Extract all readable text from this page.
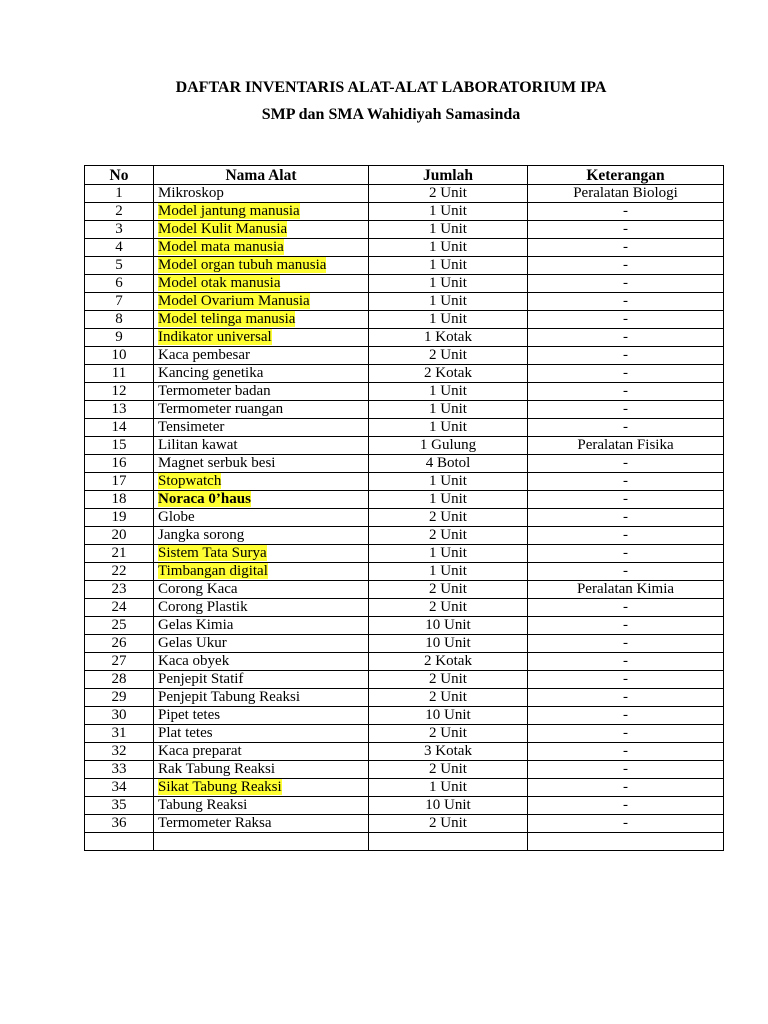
DAFTAR INVENTARIS ALAT-ALAT LABORATORIUM IPA
SMP dan SMA Wahidiyah Samasinda
No	Nama Alat	Jumlah	Keterangan
1	Mikroskop	2 Unit	Peralatan Biologi
2	Model jantung manusia	1 Unit	-
3	Model Kulit Manusia	1 Unit	-
4	Model mata manusia	1 Unit	-
5	Model organ tubuh manusia	1 Unit	-
6	Model otak manusia	1 Unit	-
7	Model Ovarium Manusia	1 Unit	-
8	Model telinga manusia	1 Unit	-
9	Indikator universal	1 Kotak	-
10	Kaca pembesar	2 Unit	-
11	Kancing genetika	2 Kotak	-
12	Termometer badan	1 Unit	-
13	Termometer ruangan	1 Unit	-
14	Tensimeter	1 Unit	-
15	Lilitan kawat	1 Gulung	Peralatan Fisika
16	Magnet serbuk besi	4 Botol	-
17	Stopwatch	1 Unit	-
18	Noraca 0’haus	1 Unit	-
19	Globe	2 Unit	-
20	Jangka sorong	2 Unit	-
21	Sistem Tata Surya	1 Unit	-
22	Timbangan digital	1 Unit	-
23	Corong Kaca	2 Unit	Peralatan Kimia
24	Corong Plastik	2 Unit	-
25	Gelas Kimia	10 Unit	-
26	Gelas Ukur	10 Unit	-
27	Kaca obyek	2 Kotak	-
28	Penjepit Statif	2 Unit	-
29	Penjepit Tabung Reaksi	2 Unit	-
30	Pipet tetes	10 Unit	-
31	Plat tetes	2 Unit	-
32	Kaca preparat	3 Kotak	-
33	Rak Tabung Reaksi	2 Unit	-
34	Sikat Tabung Reaksi	1 Unit	-
35	Tabung Reaksi	10 Unit	-
36	Termometer Raksa	2 Unit	-
